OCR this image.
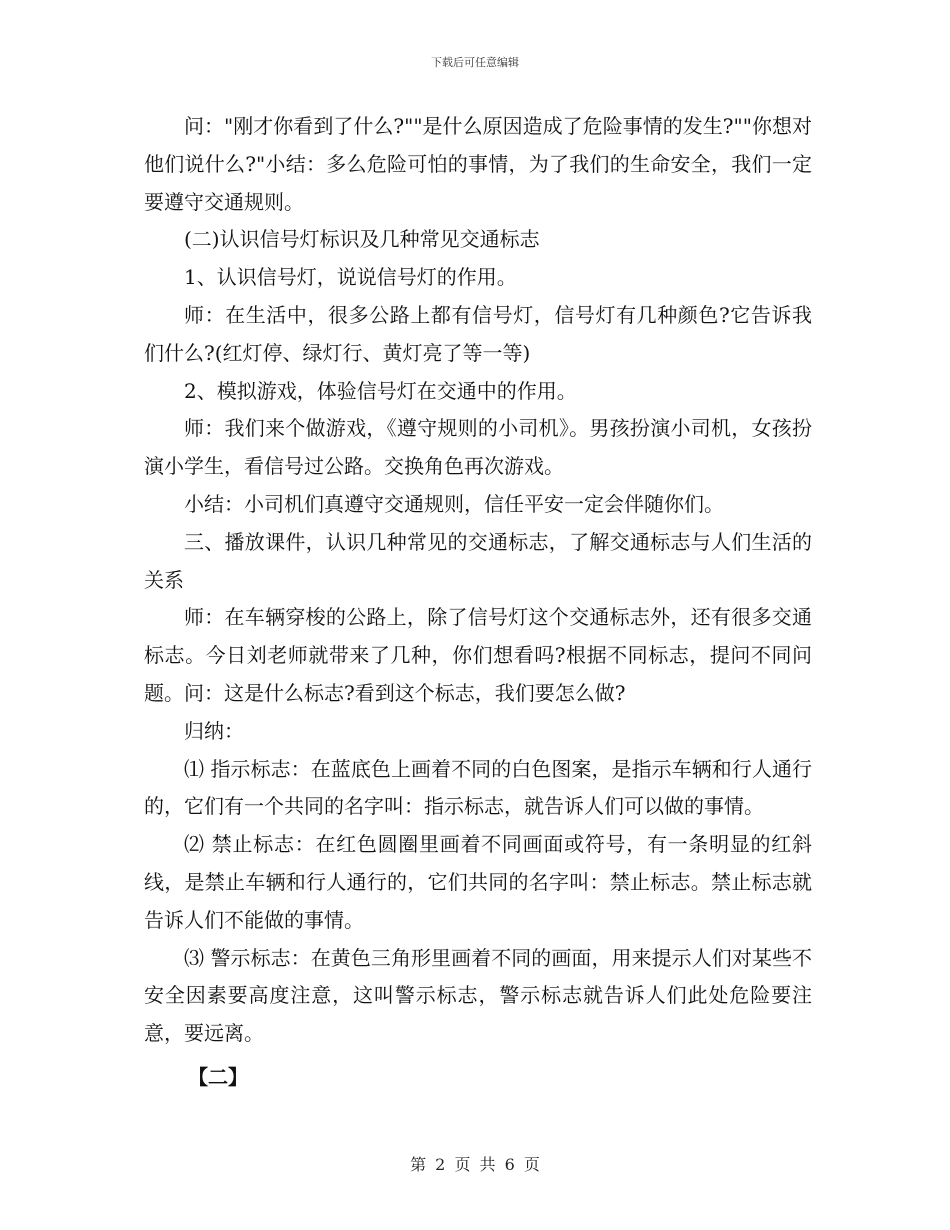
下载后可任意编辑

问："刚才你看到了什么?""是什么原因造成了危险事情的发生?""你想对他们说什么?"小结：多么危险可怕的事情，为了我们的生命安全，我们一定要遵守交通规则。

(二)认识信号灯标识及几种常见交通标志

1、认识信号灯，说说信号灯的作用。

师：在生活中，很多公路上都有信号灯，信号灯有几种颜色?它告诉我们什么?(红灯停、绿灯行、黄灯亮了等一等)

2、模拟游戏，体验信号灯在交通中的作用。

师：我们来个做游戏，《遵守规则的小司机》。男孩扮演小司机，女孩扮演小学生，看信号过公路。交换角色再次游戏。

小结：小司机们真遵守交通规则，信任平安一定会伴随你们。

三、播放课件，认识几种常见的交通标志，了解交通标志与人们生活的关系

师：在车辆穿梭的公路上，除了信号灯这个交通标志外，还有很多交通标志。今日刘老师就带来了几种，你们想看吗?根据不同标志，提问不同问题。问：这是什么标志?看到这个标志，我们要怎么做?

归纳：

⑴ 指示标志：在蓝底色上画着不同的白色图案，是指示车辆和行人通行的，它们有一个共同的名字叫：指示标志，就告诉人们可以做的事情。

⑵ 禁止标志：在红色圆圈里画着不同画面或符号，有一条明显的红斜线，是禁止车辆和行人通行的，它们共同的名字叫：禁止标志。禁止标志就告诉人们不能做的事情。

⑶ 警示标志：在黄色三角形里画着不同的画面，用来提示人们对某些不安全因素要高度注意，这叫警示标志，警示标志就告诉人们此处危险要注意，要远离。

【二】

第 2 页 共 6 页
